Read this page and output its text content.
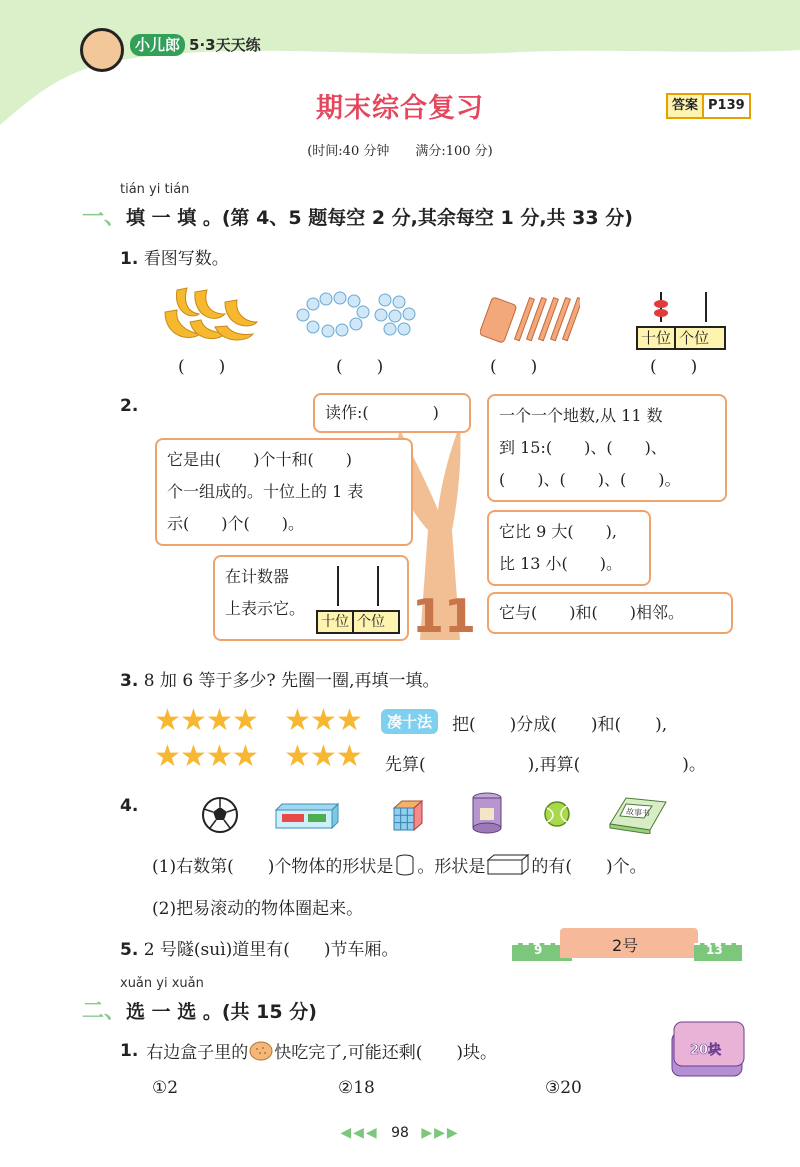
小儿郎 5·3天天练
期末综合复习	答案 P139
(时间:40 分钟　　满分:100 分)
tián yi tián
一、填 一 填 。(第 4、5 题每空 2 分,其余每空 1 分,共 33 分)
1. 看图写数。
十位 个位
(　　)	(　　)	(　　)	(　　)
2.
11
读作:(　　　　)
它是由(　　)个十和(　　)
个一组成的。十位上的 1 表
示(　　)个(　　)。
一个一个地数,从 11 数
到 15:(　　)、(　　)、
(　　)、(　　)、(　　)。
它比 9 大(　　),
比 13 小(　　)。
在计数器
上表示它。
十位 个位	它与(　　)和(　　)相邻。
3. 8 加 6 等于多少? 先圈一圈,再填一填。
★ ★ ★ ★ ★ ★ ★
★ ★ ★ ★ ★ ★ ★
凑十法	把(　　)分成(　　)和(　　),
先算(　　　　　　),再算(　　　　　　)。
4.	故事书
(1)右数第(　　)个物体的形状是 。形状是	的有(　　)个。
(2)把易滚动的物体圈起来。
5. 2 号隧(suì)道里有(　　)节车厢。	9	2号	13
xuǎn yi xuǎn
二、选 一 选 。(共 15 分)
1. 右边盒子里的 快吃完了,可能还剩(　　)块。
①2	②18	③20
20块
◀◀◀ 98 ▶▶▶
